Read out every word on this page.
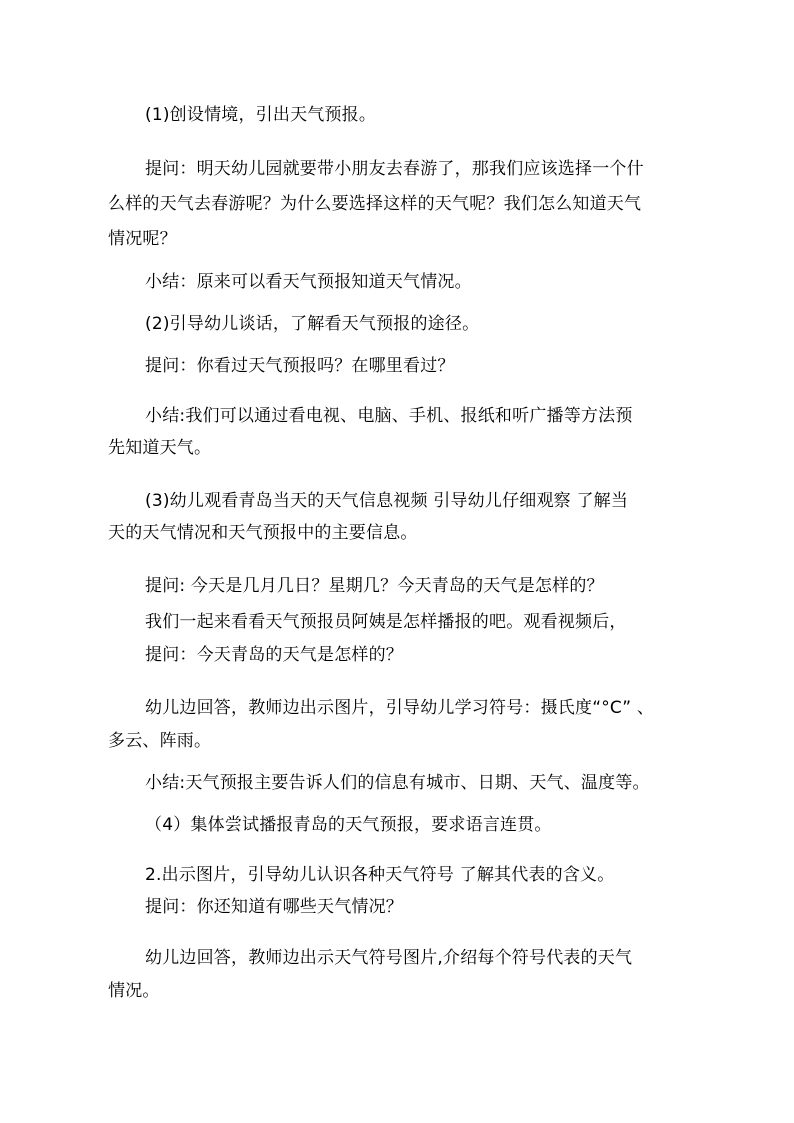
(1)创设情境，引出天气预报。
提问：明天幼儿园就要带小朋友去春游了，那我们应该选择一个什
么样的天气去春游呢？为什么要选择这样的天气呢？我们怎么知道天气
情况呢？
小结：原来可以看天气预报知道天气情况。
(2)引导幼儿谈话，了解看天气预报的途径。
提问：你看过天气预报吗？在哪里看过？
小结:我们可以通过看电视、电脑、手机、报纸和听广播等方法预
先知道天气。
(3)幼儿观看青岛当天的天气信息视频 引导幼儿仔细观察 了解当
天的天气情况和天气预报中的主要信息。
提问: 今天是几月几日？星期几？今天青岛的天气是怎样的？
我们一起来看看天气预报员阿姨是怎样播报的吧。观看视频后，
提问：今天青岛的天气是怎样的？
幼儿边回答，教师边出示图片，引导幼儿学习符号：摄氏度“°C” 、
多云、阵雨。
小结:天气预报主要告诉人们的信息有城市、日期、天气、温度等。
（4）集体尝试播报青岛的天气预报，要求语言连贯。
2.出示图片，引导幼儿认识各种天气符号 了解其代表的含义。
提问：你还知道有哪些天气情况？
幼儿边回答，教师边出示天气符号图片,介绍每个符号代表的天气
情况。
